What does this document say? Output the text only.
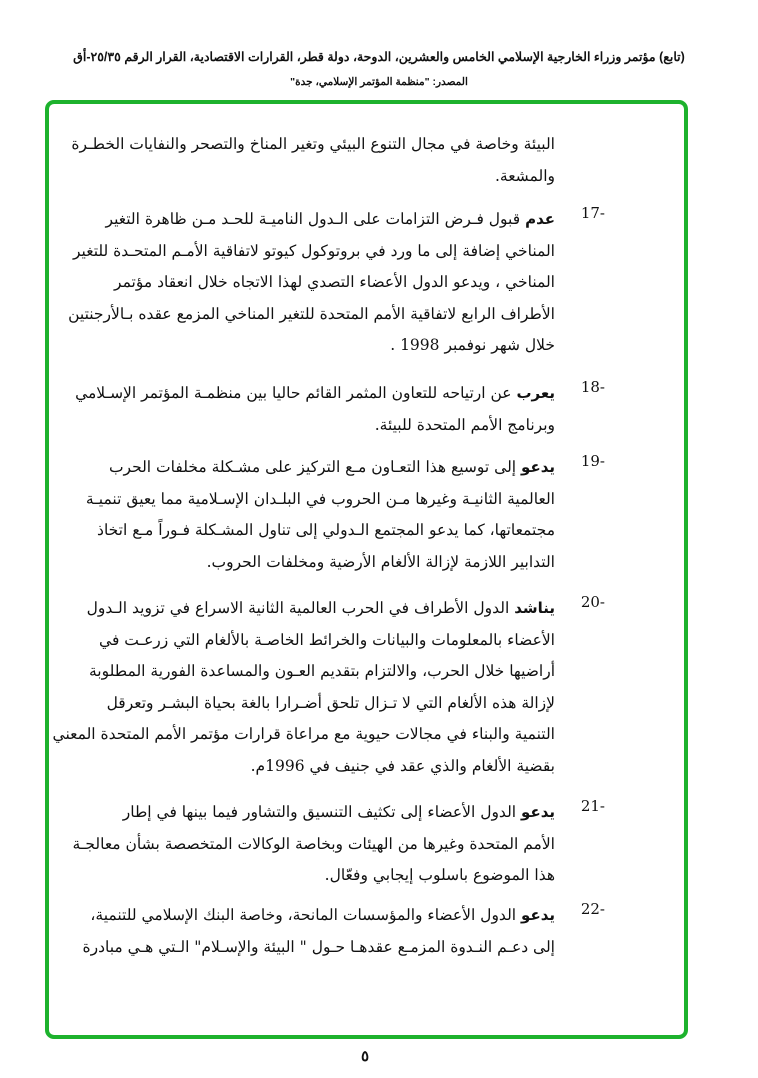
(تابع) مؤتمر وزراء الخارجية الإسلامي الخامس والعشرين، الدوحة، دولة قطر، القرارات الاقتصادية، القرار الرقم ٢٥/٣٥-أق
المصدر: "منظمة المؤتمر الإسلامي، جدة"
البيئة وخاصة في مجال التنوع البيئي وتغير المناخ والتصحر والنفايات الخطـرة
والمشعة.
17-
عدم قبول فـرض التزامات على الـدول الناميـة للحـد مـن ظاهرة التغير
المناخي إضافة إلى ما ورد في بروتوكول كيوتو لاتفاقية الأمـم المتحـدة للتغير
المناخي ، ويدعو الدول الأعضاء التصدي لهذا الاتجاه خلال انعقاد مؤتمر
الأطراف الرابع لاتفاقية الأمم المتحدة للتغير المناخي المزمع عقده بـالأرجنتين
خلال شهر نوفمبر 1998 .
18-
يعرب عن ارتياحه للتعاون المثمر القائم حاليا بين منظمـة المؤتمر الإسـلامي
وبرنامج الأمم المتحدة للبيئة.
19-
يدعو إلى توسيع هذا التعـاون مـع التركيز على مشـكلة مخلفات الحرب
العالمية الثانيـة وغيرها مـن الحروب في البلـدان الإسـلامية مما يعيق تنميـة
مجتمعاتها، كما يدعو المجتمع الـدولي إلى تناول المشـكلة فـوراً مـع اتخاذ
التدابير اللازمة لإزالة الألغام الأرضية ومخلفات الحروب.
20-
يناشد الدول الأطراف في الحرب العالمية الثانية الاسراع في تزويد الـدول
الأعضاء بالمعلومات والبيانات والخرائط الخاصـة بالألغام التي زرعـت في
أراضيها خلال الحرب، والالتزام بتقديم العـون والمساعدة الفورية المطلوبة
لإزالة هذه الألغام التي لا تـزال تلحق أضـرارا بالغة بحياة البشـر وتعرقل
التنمية والبناء في مجالات حيوية مع مراعاة قرارات مؤتمر الأمم المتحدة المعني
بقضية الألغام والذي عقد في جنيف في 1996م.
21-
يدعو الدول الأعضاء إلى تكثيف التنسيق والتشاور فيما بينها في إطار
الأمم المتحدة وغيرها من الهيئات وبخاصة الوكالات المتخصصة بشأن معالجـة
هذا الموضوع باسلوب إيجابي وفعّال.
22-
يدعو الدول الأعضاء والمؤسسات المانحة، وخاصة البنك الإسلامي للتنمية،
إلى دعـم النـدوة المزمـع عقدهـا حـول " البيئة والإسـلام" الـتي هـي مبادرة
٥
